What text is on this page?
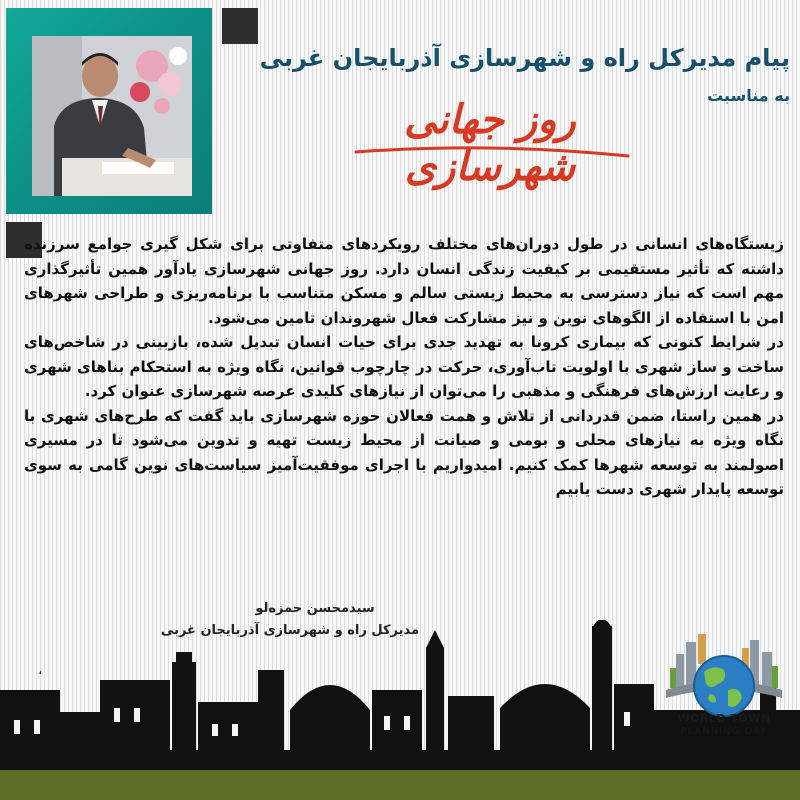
پیام مدیرکل راه و شهرسازی آذربایجان غربی
به مناسبت
روز جهانی شهرسازی

زیستگاه‌های انسانی در طول دوران‌های مختلف رویکردهای متفاوتی برای شکل گیری جوامع سرزنده داشته که تأثیر مستقیمی بر کیفیت زندگی انسان دارد. روز جهانی شهرسازی یادآور همین تأثیرگذاری مهم است که نیاز دسترسی به محیط زیستی سالم و مسکن متناسب با برنامه‌ریزی و طراحی شهرهای امن با استفاده از الگوهای نوین و نیز مشارکت فعال شهروندان تامین می‌شود.

در شرایط کنونی که بیماری کرونا به تهدید جدی برای حیات انسان تبدیل شده، بازبینی در شاخص‌های ساخت و ساز شهری با اولویت تاب‌آوری، حرکت در چارچوب قوانین، نگاه ویژه به استحکام بناهای شهری و رعایت ارزش‌های فرهنگی و مذهبی را می‌توان از نیازهای کلیدی عرصه شهرسازی عنوان کرد.

در همین راستا، ضمن قدردانی از تلاش و همت فعالان حوزه شهرسازی باید گفت که طرح‌های شهری با نگاه ویژه به نیازهای محلی و بومی و صیانت از محیط زیست تهیه و تدوین می‌شود تا در مسیری اصولمند به توسعه شهرها کمک کنیم. امیدواریم با اجرای موفقیت‌آمیز سیاست‌های نوین گامی به سوی توسعه پایدار شهری دست یابیم

سیدمحسن حمزه‌لو
مدیرکل راه و شهرسازی آذربایجان غربی
،
WORLD TOWN
PLANNING DAY
